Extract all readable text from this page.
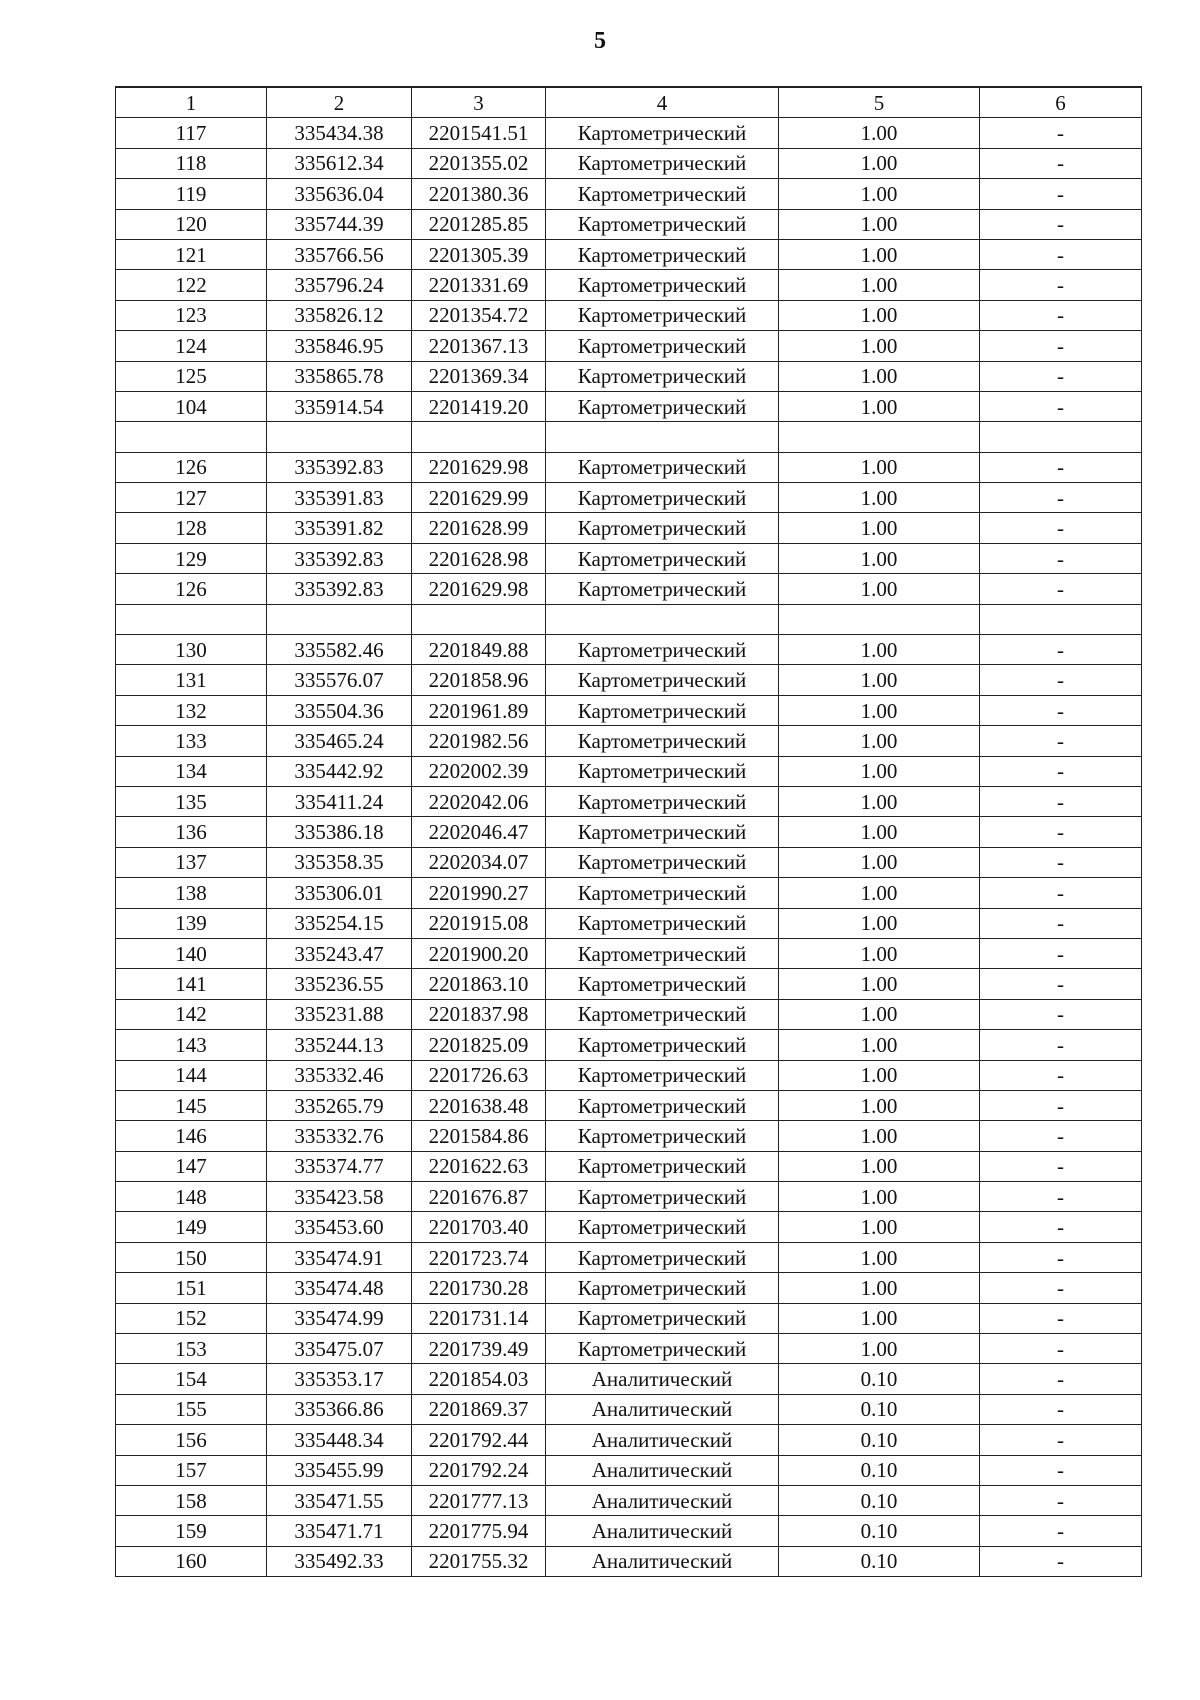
5
1	2	3	4	5	6
117	335434.38	2201541.51	Картометрический	1.00	-
118	335612.34	2201355.02	Картометрический	1.00	-
119	335636.04	2201380.36	Картометрический	1.00	-
120	335744.39	2201285.85	Картометрический	1.00	-
121	335766.56	2201305.39	Картометрический	1.00	-
122	335796.24	2201331.69	Картометрический	1.00	-
123	335826.12	2201354.72	Картометрический	1.00	-
124	335846.95	2201367.13	Картометрический	1.00	-
125	335865.78	2201369.34	Картометрический	1.00	-
104	335914.54	2201419.20	Картометрический	1.00	-

126	335392.83	2201629.98	Картометрический	1.00	-
127	335391.83	2201629.99	Картометрический	1.00	-
128	335391.82	2201628.99	Картометрический	1.00	-
129	335392.83	2201628.98	Картометрический	1.00	-
126	335392.83	2201629.98	Картометрический	1.00	-

130	335582.46	2201849.88	Картометрический	1.00	-
131	335576.07	2201858.96	Картометрический	1.00	-
132	335504.36	2201961.89	Картометрический	1.00	-
133	335465.24	2201982.56	Картометрический	1.00	-
134	335442.92	2202002.39	Картометрический	1.00	-
135	335411.24	2202042.06	Картометрический	1.00	-
136	335386.18	2202046.47	Картометрический	1.00	-
137	335358.35	2202034.07	Картометрический	1.00	-
138	335306.01	2201990.27	Картометрический	1.00	-
139	335254.15	2201915.08	Картометрический	1.00	-
140	335243.47	2201900.20	Картометрический	1.00	-
141	335236.55	2201863.10	Картометрический	1.00	-
142	335231.88	2201837.98	Картометрический	1.00	-
143	335244.13	2201825.09	Картометрический	1.00	-
144	335332.46	2201726.63	Картометрический	1.00	-
145	335265.79	2201638.48	Картометрический	1.00	-
146	335332.76	2201584.86	Картометрический	1.00	-
147	335374.77	2201622.63	Картометрический	1.00	-
148	335423.58	2201676.87	Картометрический	1.00	-
149	335453.60	2201703.40	Картометрический	1.00	-
150	335474.91	2201723.74	Картометрический	1.00	-
151	335474.48	2201730.28	Картометрический	1.00	-
152	335474.99	2201731.14	Картометрический	1.00	-
153	335475.07	2201739.49	Картометрический	1.00	-
154	335353.17	2201854.03	Аналитический	0.10	-
155	335366.86	2201869.37	Аналитический	0.10	-
156	335448.34	2201792.44	Аналитический	0.10	-
157	335455.99	2201792.24	Аналитический	0.10	-
158	335471.55	2201777.13	Аналитический	0.10	-
159	335471.71	2201775.94	Аналитический	0.10	-
160	335492.33	2201755.32	Аналитический	0.10	-
